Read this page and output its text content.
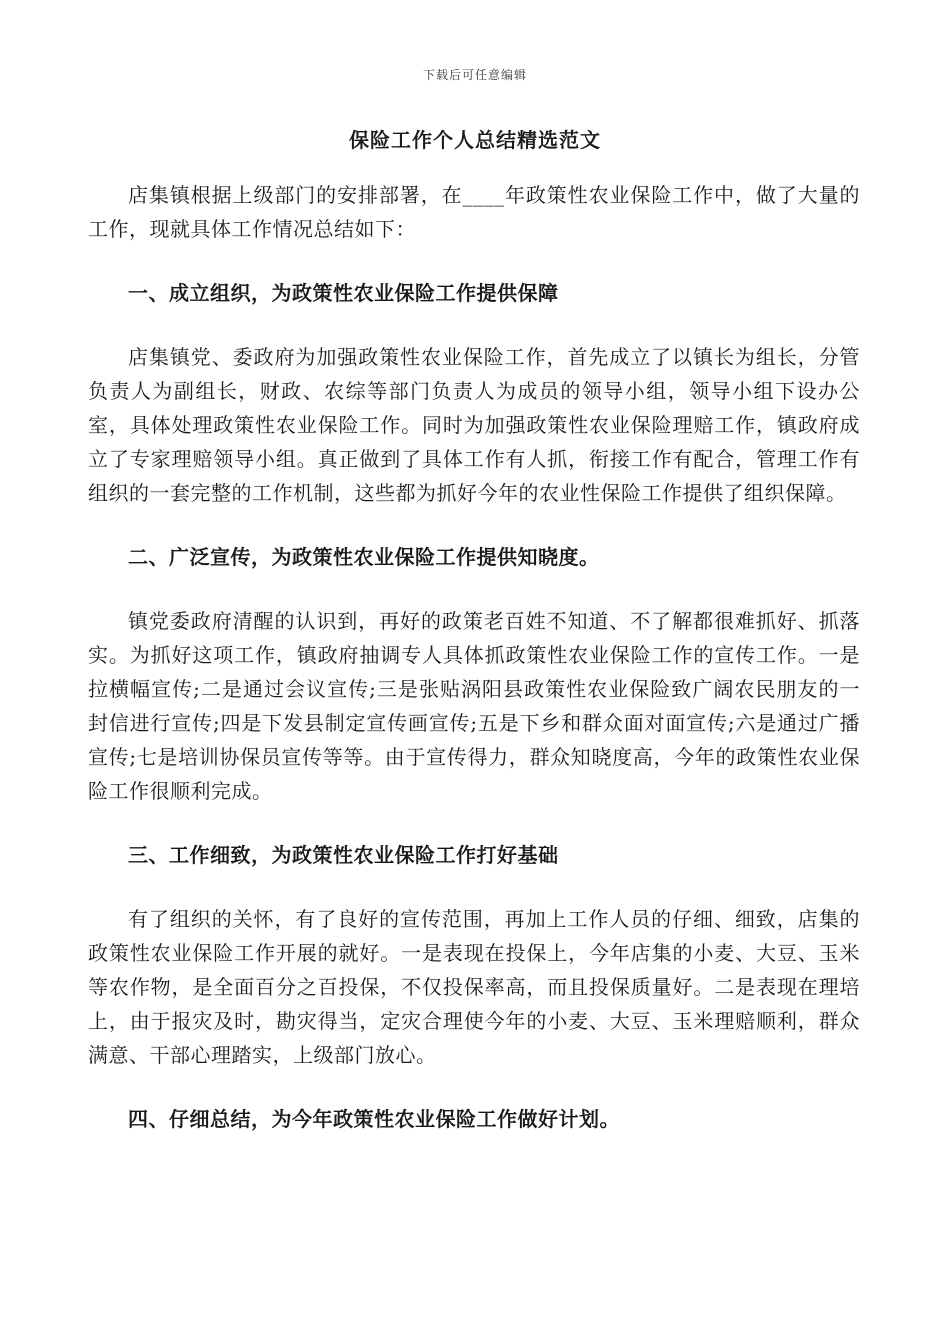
下载后可任意编辑
保险工作个人总结精选范文

店集镇根据上级部门的安排部署，在____年政策性农业保险工作中，做了大量的工作，现就具体工作情况总结如下：

一、成立组织，为政策性农业保险工作提供保障

店集镇党、委政府为加强政策性农业保险工作，首先成立了以镇长为组长，分管负责人为副组长，财政、农综等部门负责人为成员的领导小组，领导小组下设办公室，具体处理政策性农业保险工作。同时为加强政策性农业保险理赔工作，镇政府成立了专家理赔领导小组。真正做到了具体工作有人抓，衔接工作有配合，管理工作有组织的一套完整的工作机制，这些都为抓好今年的农业性保险工作提供了组织保障。

二、广泛宣传，为政策性农业保险工作提供知晓度。

镇党委政府清醒的认识到，再好的政策老百姓不知道、不了解都很难抓好、抓落实。为抓好这项工作，镇政府抽调专人具体抓政策性农业保险工作的宣传工作。一是拉横幅宣传;二是通过会议宣传;三是张贴涡阳县政策性农业保险致广阔农民朋友的一封信进行宣传;四是下发县制定宣传画宣传;五是下乡和群众面对面宣传;六是通过广播宣传;七是培训协保员宣传等等。由于宣传得力，群众知晓度高，今年的政策性农业保险工作很顺利完成。

三、工作细致，为政策性农业保险工作打好基础

有了组织的关怀，有了良好的宣传范围，再加上工作人员的仔细、细致，店集的政策性农业保险工作开展的就好。一是表现在投保上，今年店集的小麦、大豆、玉米等农作物，是全面百分之百投保，不仅投保率高，而且投保质量好。二是表现在理培上，由于报灾及时，勘灾得当，定灾合理使今年的小麦、大豆、玉米理赔顺利，群众满意、干部心理踏实，上级部门放心。

四、仔细总结，为今年政策性农业保险工作做好计划。
